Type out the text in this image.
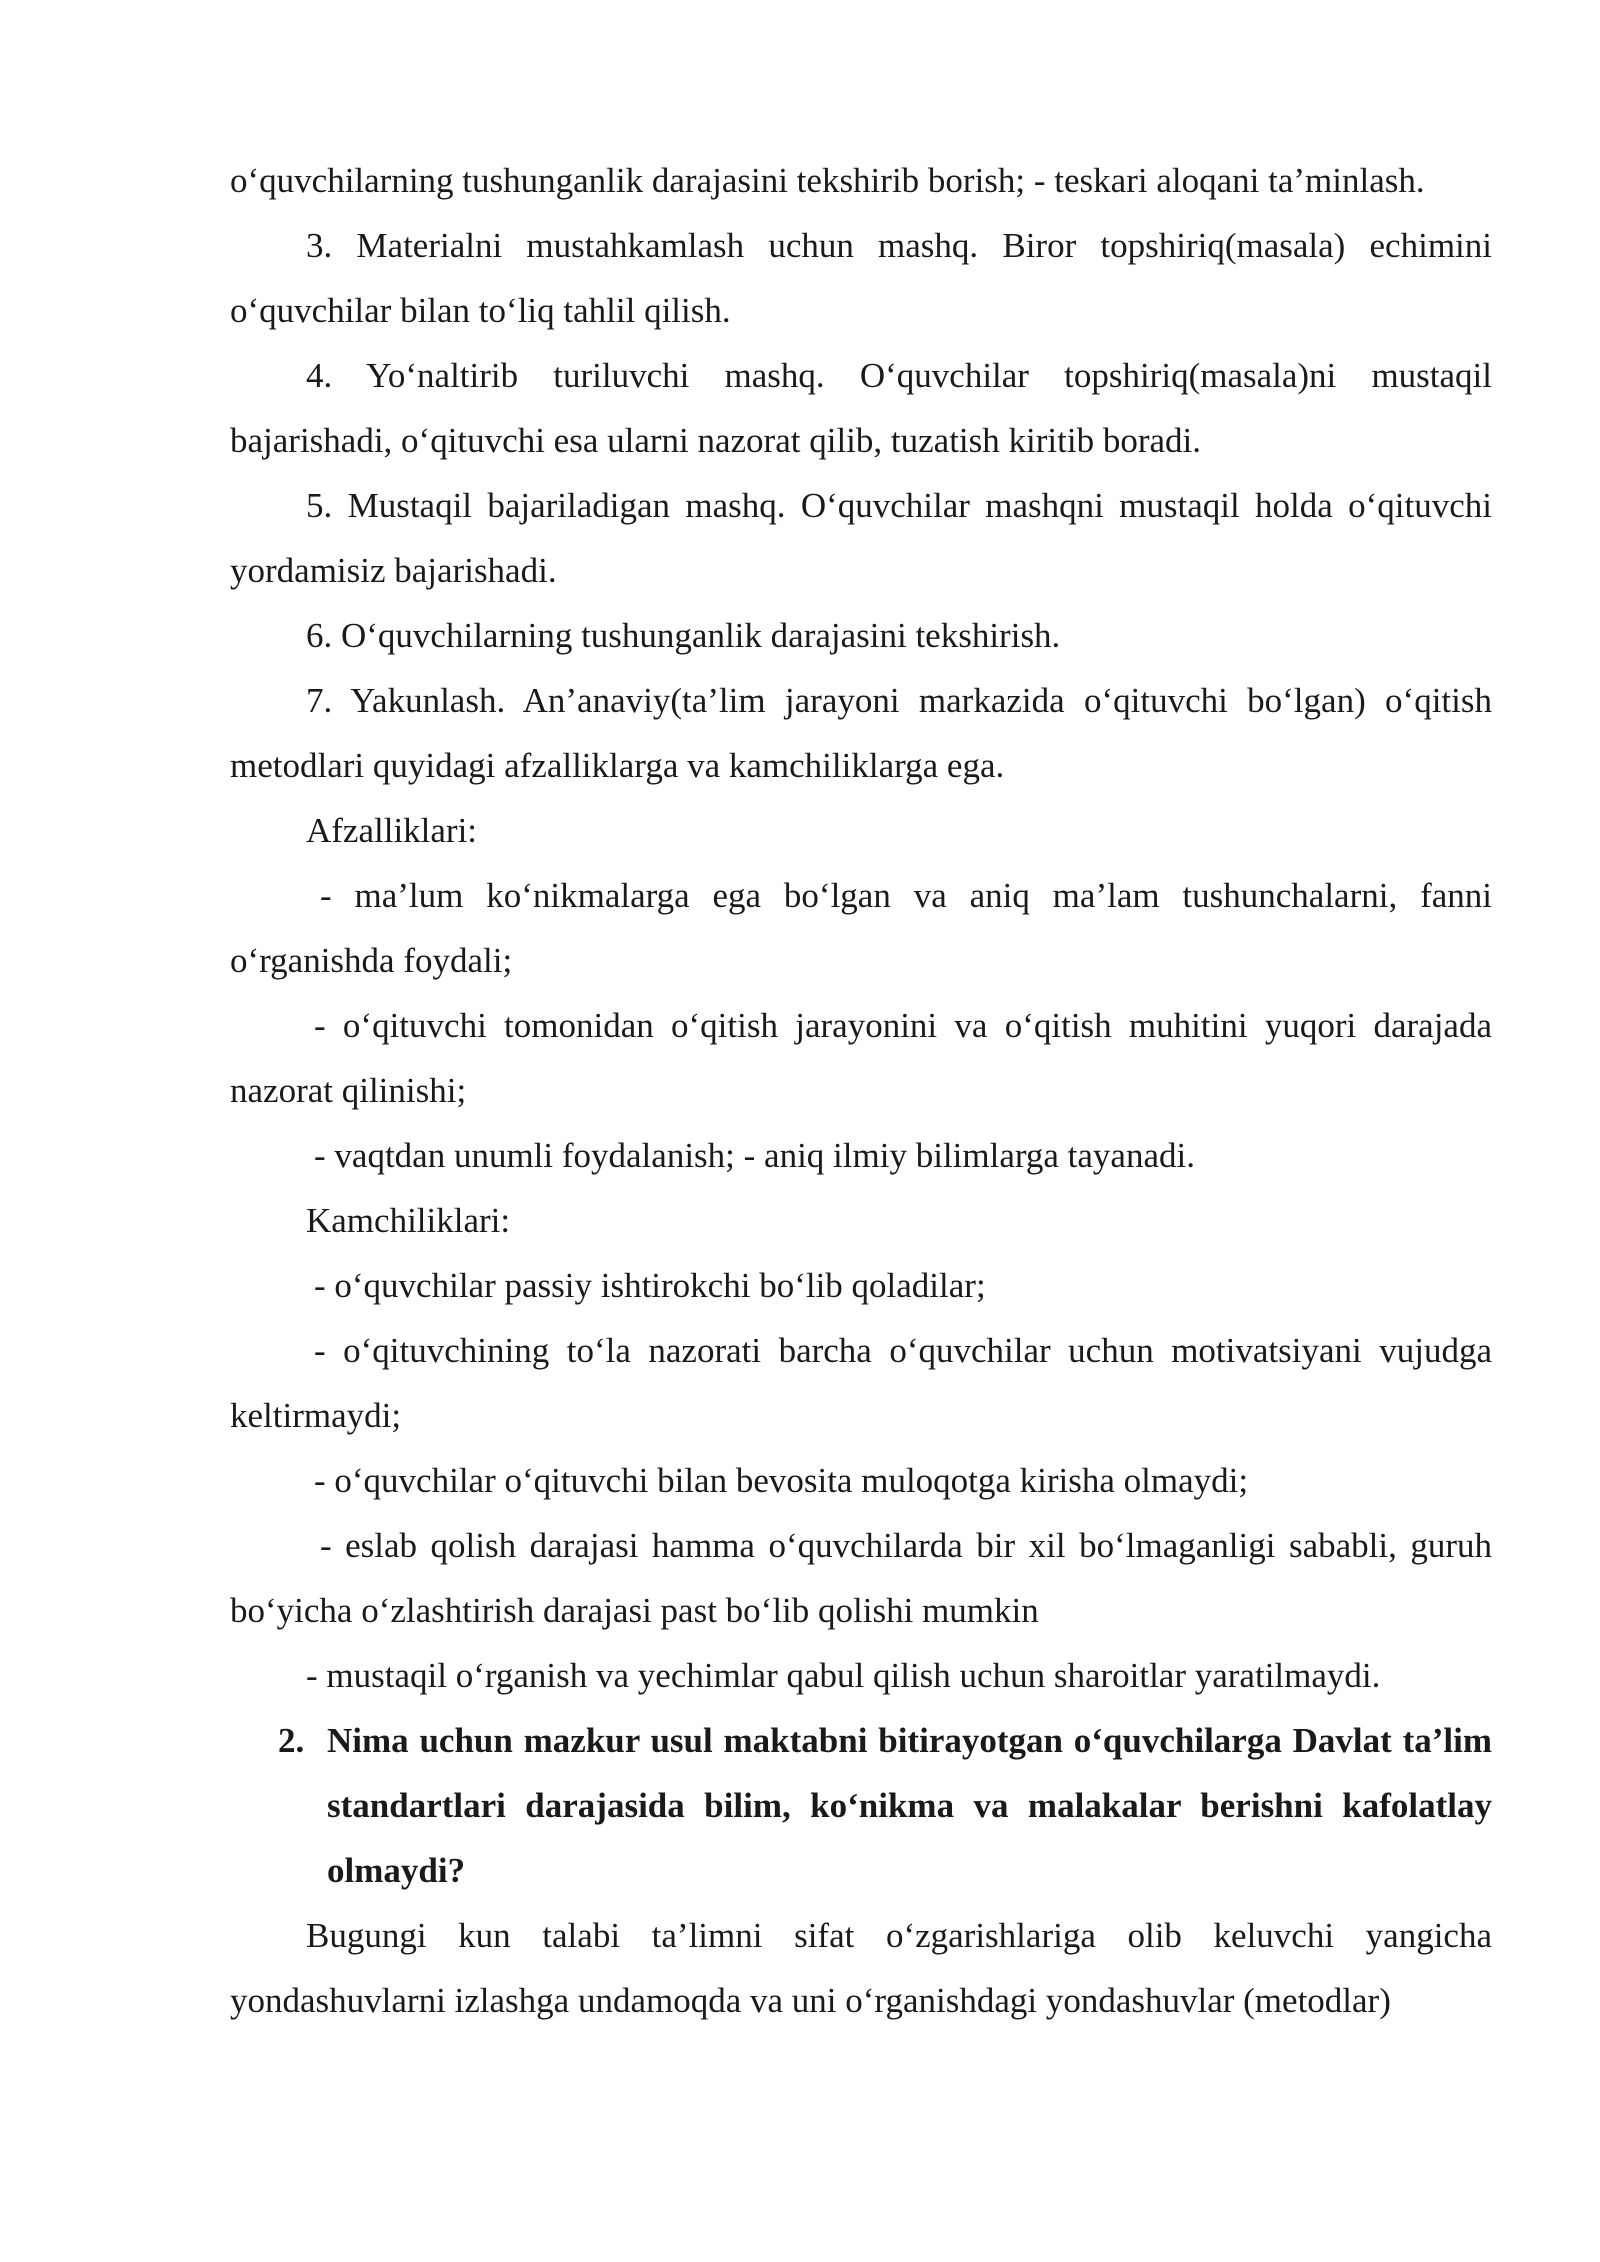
o‘quvchilarning tushunganlik darajasini tekshirib borish; - teskari aloqani ta’minlash.

3. Materialni mustahkamlash uchun mashq. Biror topshiriq(masala) echimini o‘quvchilar bilan to‘liq tahlil qilish.

4. Yo‘naltirib turiluvchi mashq. O‘quvchilar topshiriq(masala)ni mustaqil bajarishadi, o‘qituvchi esa ularni nazorat qilib, tuzatish kiritib boradi.

5. Mustaqil bajariladigan mashq. O‘quvchilar mashqni mustaqil holda o‘qituvchi yordamisiz bajarishadi.

6. O‘quvchilarning tushunganlik darajasini tekshirish.

7. Yakunlash. An’anaviy(ta’lim jarayoni markazida o‘qituvchi bo‘lgan) o‘qitish metodlari quyidagi afzalliklarga va kamchiliklarga ega.

Afzalliklari:

- ma’lum ko‘nikmalarga ega bo‘lgan va aniq ma’lam tushunchalarni, fanni o‘rganishda foydali;

- o‘qituvchi tomonidan o‘qitish jarayonini va o‘qitish muhitini yuqori darajada nazorat qilinishi;

- vaqtdan unumli foydalanish; - aniq ilmiy bilimlarga tayanadi.

Kamchiliklari:

- o‘quvchilar passiy ishtirokchi bo‘lib qoladilar;

- o‘qituvchining to‘la nazorati barcha o‘quvchilar uchun motivatsiyani vujudga keltirmaydi;

- o‘quvchilar o‘qituvchi bilan bevosita muloqotga kirisha olmaydi;

- eslab qolish darajasi hamma o‘quvchilarda bir xil bo‘lmaganligi sababli, guruh bo‘yicha o‘zlashtirish darajasi past bo‘lib qolishi mumkin

- mustaqil o‘rganish va yechimlar qabul qilish uchun sharoitlar yaratilmaydi.

2. Nima uchun mazkur usul maktabni bitirayotgan o‘quvchilarga Davlat ta’lim standartlari darajasida bilim, ko‘nikma va malakalar berishni kafolatlay olmaydi?

Bugungi kun talabi ta’limni sifat o‘zgarishlariga olib keluvchi yangicha yondashuvlarni izlashga undamoqda va uni o‘rganishdagi yondashuvlar (metodlar)
